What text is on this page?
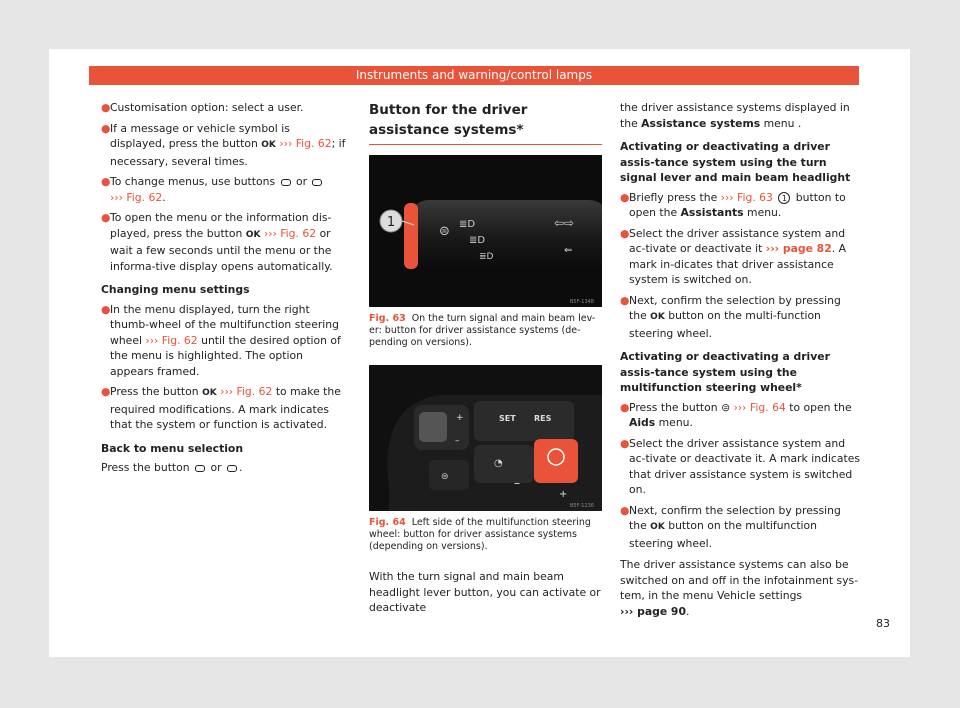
Instruments and warning/control lamps
● Customisation option: select a user.
● If a message or vehicle symbol is displayed, press the button OK ››› Fig. 62; if necessary, several times.
● To change menus, use buttons or
››› Fig. 62.
● To open the menu or the information dis-played, press the button OK ››› Fig. 62 or wait a few seconds until the menu or the informa-tive display opens automatically.
Changing menu settings
● In the menu displayed, turn the right thumb-wheel of the multifunction steering wheel ››› Fig. 62 until the desired option of the menu is highlighted. The option appears framed.
● Press the button OK ››› Fig. 62 to make the required modifications. A mark indicates that the system or function is activated.
Back to menu selection
Press the button or .
Button for the driver assistance systems*
1
⊜ ≣D
≣D
≣D
⇦⇨
⇐
B5F-1348
Fig. 63 On the turn signal and main beam lev-er: button for driver assistance systems (de-pending on versions).
+
–
SET RES
◔
–
+
⊜
B5F-1236
Fig. 64 Left side of the multifunction steering wheel: button for driver assistance systems (depending on versions).
With the turn signal and main beam headlight lever button, you can activate or deactivate
the driver assistance systems displayed in the Assistance systems menu .
Activating or deactivating a driver assis-tance system using the turn signal lever and main beam headlight
● Briefly press the ››› Fig. 63 1 button to open the Assistants menu.
● Select the driver assistance system and ac-tivate or deactivate it ››› page 82. A mark in-dicates that driver assistance system is switched on.
● Next, confirm the selection by pressing the OK button on the multi-function steering wheel.
Activating or deactivating a driver assis-tance system using the multifunction steering wheel*
● Press the button ⊜ ››› Fig. 64 to open the Aids menu.
● Select the driver assistance system and ac-tivate or deactivate it. A mark indicates that driver assistance system is switched on.
● Next, confirm the selection by pressing the OK button on the multifunction steering wheel.
The driver assistance systems can also be switched on and off in the infotainment sys-tem, in the menu Vehicle settings
››› page 90.
83
